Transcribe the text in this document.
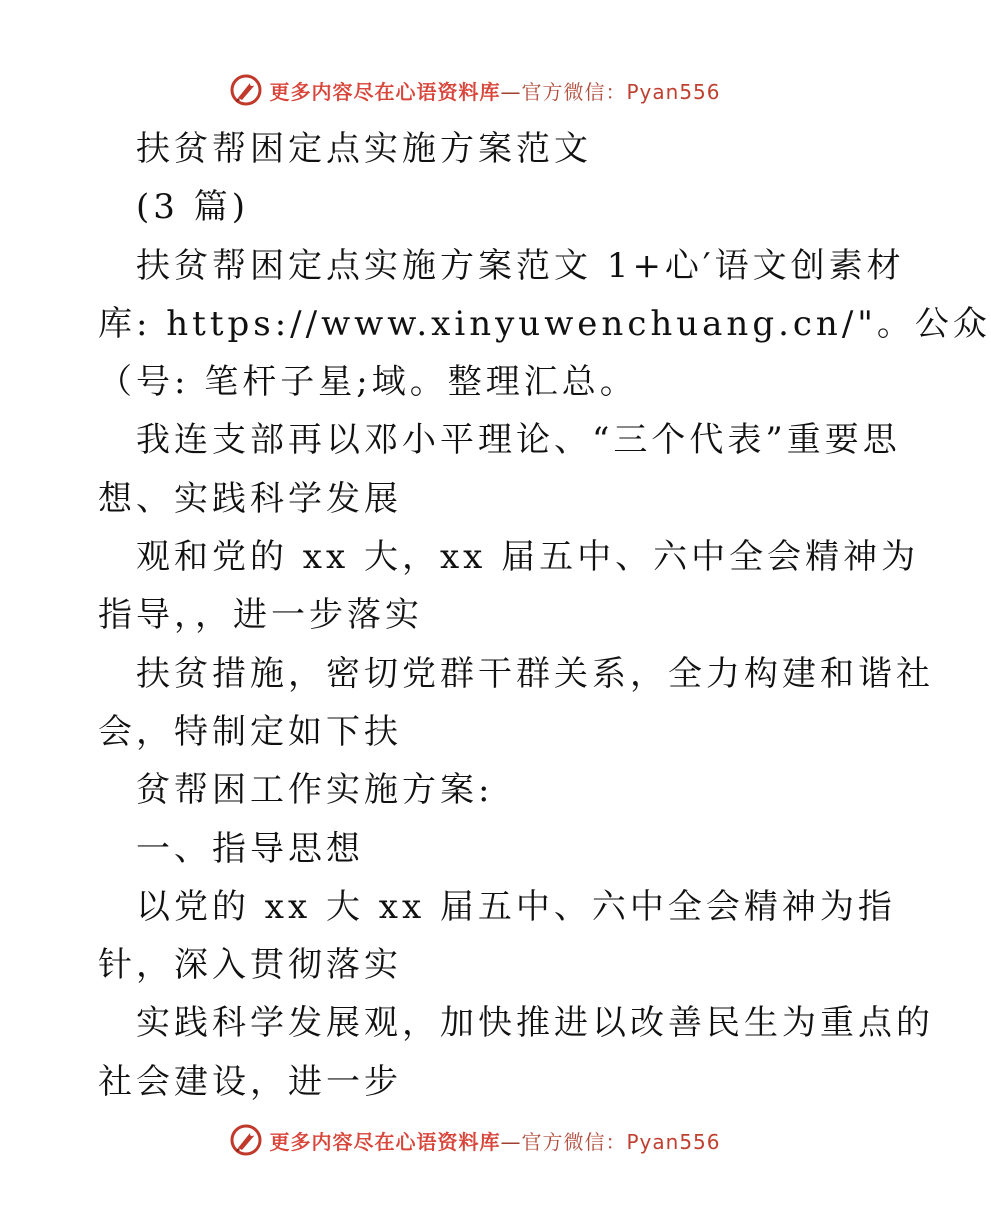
更多内容尽在心语资料库—官方微信：Pyan556
扶贫帮困定点实施方案范文
(3 篇)
扶贫帮困定点实施方案范文 1+心′语文创素材
库: https://www.xinyuwenchuang.cn/"。公众
（号: 笔杆子星;域。整理汇总。
我连支部再以邓小平理论、“三个代表”重要思
想、实践科学发展
观和党的 xx 大，xx 届五中、六中全会精神为
指导，，进一步落实
扶贫措施，密切党群干群关系，全力构建和谐社
会，特制定如下扶
贫帮困工作实施方案:
一、指导思想
以党的 xx 大 xx 届五中、六中全会精神为指
针，深入贯彻落实
实践科学发展观，加快推进以改善民生为重点的
社会建设，进一步
更多内容尽在心语资料库—官方微信：Pyan556
